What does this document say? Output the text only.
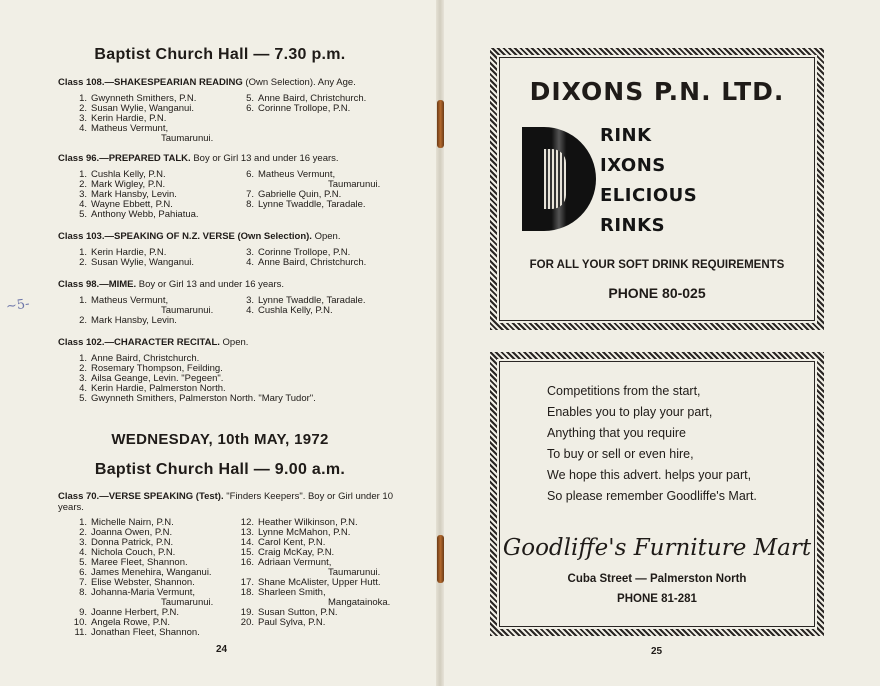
~5-
Baptist Church Hall — 7.30 p.m.
Class 108.—SHAKESPEARIAN READING (Own Selection). Any Age.
1. Gwynneth Smithers, P.N.
2. Susan Wylie, Wanganui.
3. Kerin Hardie, P.N.
4. Matheus Vermunt,
Taumarunui.
5. Anne Baird, Christchurch.
6. Corinne Trollope, P.N.
Class 96.—PREPARED TALK. Boy or Girl 13 and under 16 years.
1. Cushla Kelly, P.N.
2. Mark Wigley, P.N.
3. Mark Hansby, Levin.
4. Wayne Ebbett, P.N.
5. Anthony Webb, Pahiatua.
6. Matheus Vermunt,
Taumarunui.
7. Gabrielle Quin, P.N.
8. Lynne Twaddle, Taradale.
Class 103.—SPEAKING OF N.Z. VERSE (Own Selection). Open.
1. Kerin Hardie, P.N.
2. Susan Wylie, Wanganui.
3. Corinne Trollope, P.N.
4. Anne Baird, Christchurch.
Class 98.—MIME. Boy or Girl 13 and under 16 years.
1. Matheus Vermunt,
Taumarunui.
2. Mark Hansby, Levin.
3. Lynne Twaddle, Taradale.
4. Cushla Kelly, P.N.
Class 102.—CHARACTER RECITAL. Open.
1. Anne Baird, Christchurch.
2. Rosemary Thompson, Feilding.
3. Ailsa Geange, Levin. "Pegeen".
4. Kerin Hardie, Palmerston North.
5. Gwynneth Smithers, Palmerston North. "Mary Tudor".
WEDNESDAY, 10th MAY, 1972
Baptist Church Hall — 9.00 a.m.
Class 70.—VERSE SPEAKING (Test). "Finders Keepers". Boy or Girl under 10 years.
1. Michelle Nairn, P.N.
2. Joanna Owen, P.N.
3. Donna Patrick, P.N.
4. Nichola Couch, P.N.
5. Maree Fleet, Shannon.
6. James Menehira, Wanganui.
7. Elise Webster, Shannon.
8. Johanna-Maria Vermunt,
Taumarunui.
9. Joanne Herbert, P.N.
10. Angela Rowe, P.N.
11. Jonathan Fleet, Shannon.
12. Heather Wilkinson, P.N.
13. Lynne McMahon, P.N.
14. Carol Kent, P.N.
15. Craig McKay, P.N.
16. Adriaan Vermunt,
Taumarunui.
17. Shane McAlister, Upper Hutt.
18. Sharleen Smith,
Mangatainoka.
19. Susan Sutton, P.N.
20. Paul Sylva, P.N.
24
DIXONS P.N. LTD.
RINK
IXONS
ELICIOUS
RINKS
FOR ALL YOUR SOFT DRINK REQUIREMENTS
PHONE 80-025
Competitions from the start,
Enables you to play your part,
Anything that you require
To buy or sell or even hire,
We hope this advert. helps your part,
So please remember Goodliffe's Mart.
Goodliffe's Furniture Mart
Cuba Street — Palmerston North
PHONE 81-281
25
